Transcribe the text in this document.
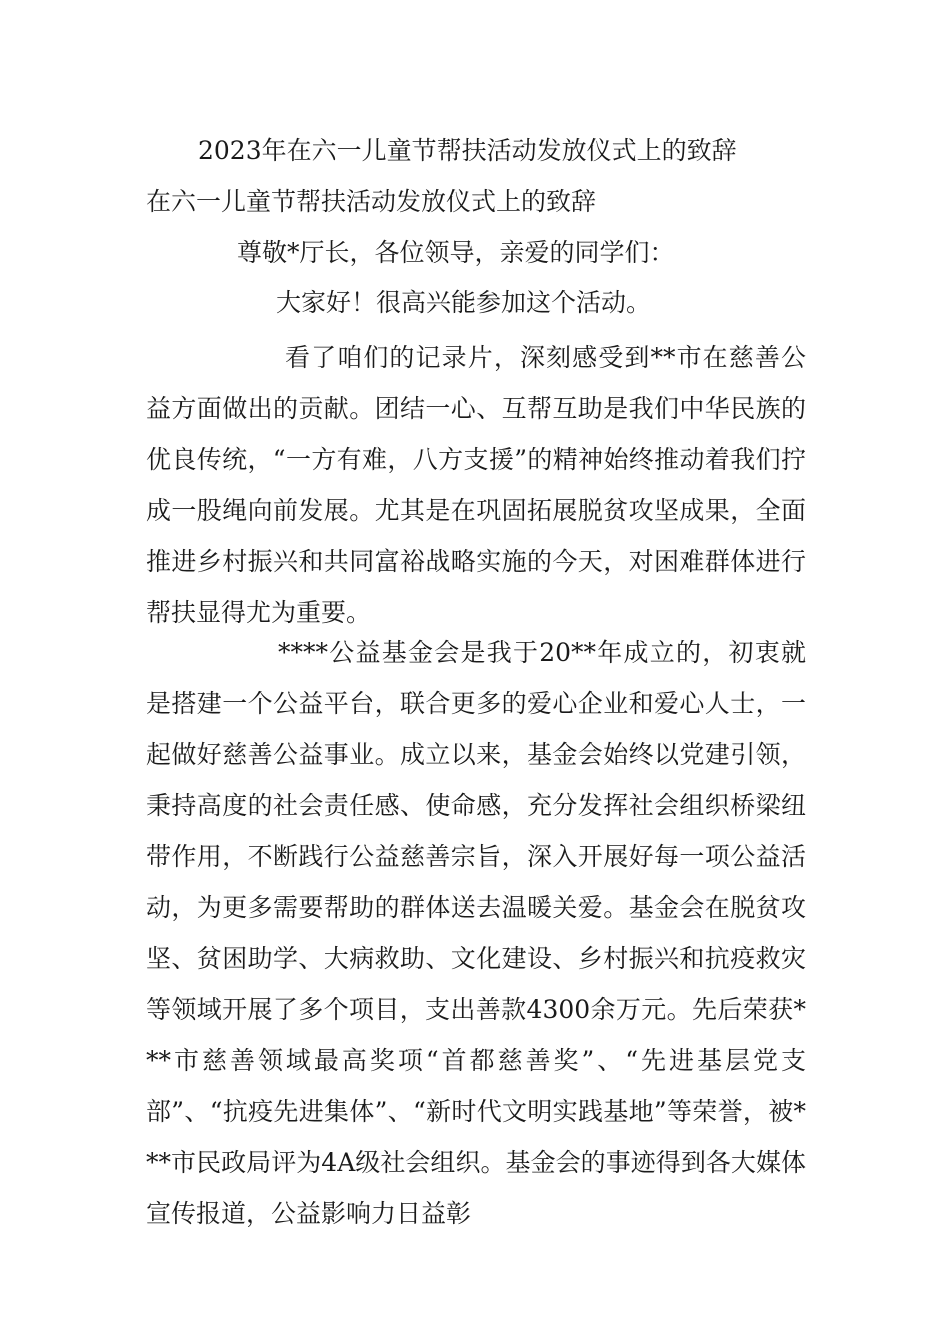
2023年在六一儿童节帮扶活动发放仪式上的致辞
在六一儿童节帮扶活动发放仪式上的致辞

尊敬*厅长，各位领导，亲爱的同学们：

大家好！很高兴能参加这个活动。

看了咱们的记录片，深刻感受到**市在慈善公益方面做出的贡献。团结一心、互帮互助是我们中华民族的优良传统，“一方有难，八方支援”的精神始终推动着我们拧成一股绳向前发展。尤其是在巩固拓展脱贫攻坚成果，全面推进乡村振兴和共同富裕战略实施的今天，对困难群体进行帮扶显得尤为重要。

****公益基金会是我于20**年成立的，初衷就是搭建一个公益平台，联合更多的爱心企业和爱心人士，一起做好慈善公益事业。成立以来，基金会始终以党建引领，秉持高度的社会责任感、使命感，充分发挥社会组织桥梁纽带作用，不断践行公益慈善宗旨，深入开展好每一项公益活动，为更多需要帮助的群体送去温暖关爱。基金会在脱贫攻坚、贫困助学、大病救助、文化建设、乡村振兴和抗疫救灾等领域开展了多个项目，支出善款4300余万元。先后荣获***市慈善领域最高奖项“首都慈善奖”、“先进基层党支部”、“抗疫先进集体”、“新时代文明实践基地”等荣誉，被***市民政局评为4A级社会组织。基金会的事迹得到各大媒体宣传报道，公益影响力日益彰
